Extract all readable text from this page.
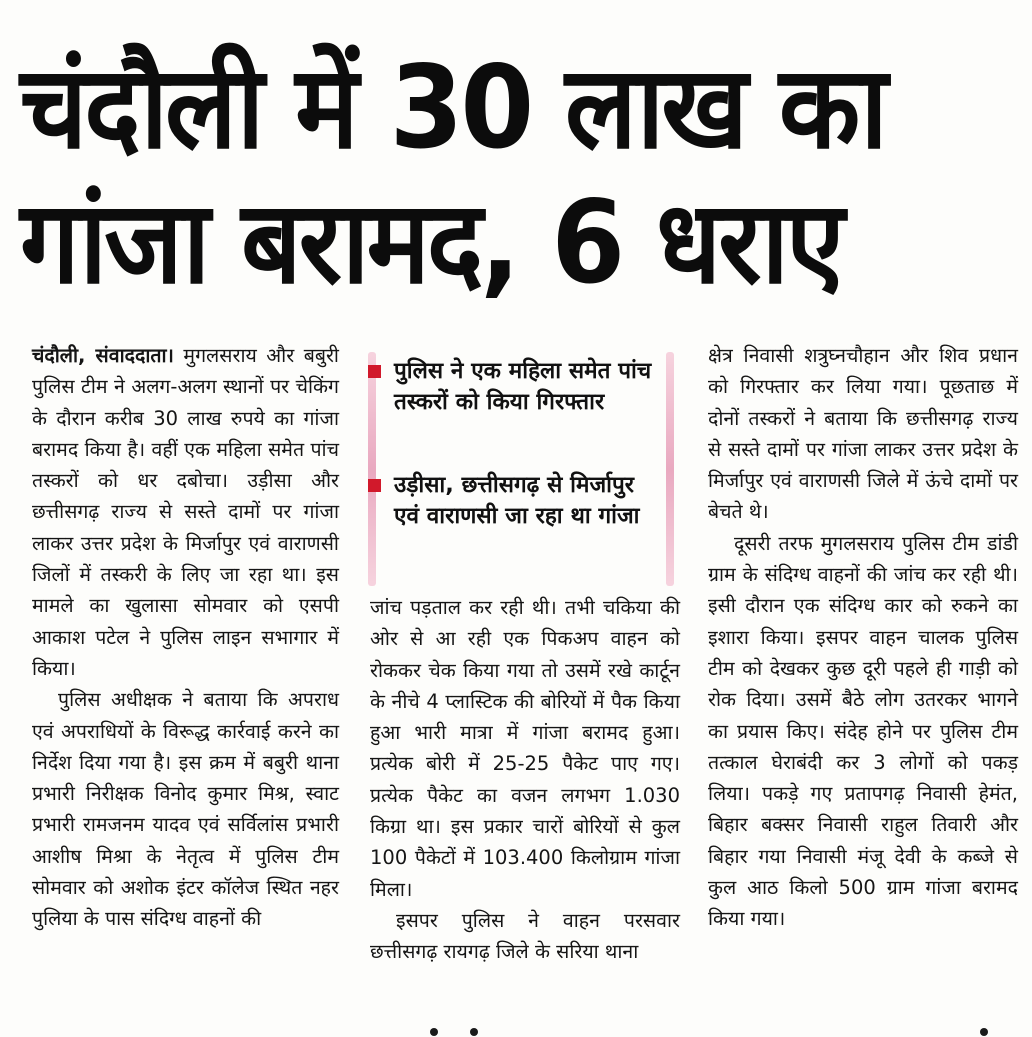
चंदौली में 30 लाख का
गांजा बरामद, 6 धराए

चंदौली, संवाददाता। मुगलसराय और बबुरी पुलिस टीम ने अलग-अलग स्थानों पर चेकिंग के दौरान करीब 30 लाख रुपये का गांजा बरामद किया है। वहीं एक महिला समेत पांच तस्करों को धर दबोचा। उड़ीसा और छत्तीसगढ़ राज्य से सस्ते दामों पर गांजा लाकर उत्तर प्रदेश के मिर्जापुर एवं वाराणसी जिलों में तस्करी के लिए जा रहा था। इस मामले का खुलासा सोमवार को एसपी आकाश पटेल ने पुलिस लाइन सभागार में किया।

पुलिस अधीक्षक ने बताया कि अपराध एवं अपराधियों के विरूद्ध कार्रवाई करने का निर्देश दिया गया है। इस क्रम में बबुरी थाना प्रभारी निरीक्षक विनोद कुमार मिश्र, स्वाट प्रभारी रामजनम यादव एवं सर्विलांस प्रभारी आशीष मिश्रा के नेतृत्व में पुलिस टीम सोमवार को अशोक इंटर कॉलेज स्थित नहर पुलिया के पास संदिग्ध वाहनों की

पुलिस ने एक महिला समेत पांच तस्करों को किया गिरफ्तार
उड़ीसा, छत्तीसगढ़ से मिर्जापुर एवं वाराणसी जा रहा था गांजा

जांच पड़ताल कर रही थी। तभी चकिया की ओर से आ रही एक पिकअप वाहन को रोककर चेक किया गया तो उसमें रखे कार्टून के नीचे 4 प्लास्टिक की बोरियों में पैक किया हुआ भारी मात्रा में गांजा बरामद हुआ। प्रत्येक बोरी में 25-25 पैकेट पाए गए। प्रत्येक पैकेट का वजन लगभग 1.030 किग्रा था। इस प्रकार चारों बोरियों से कुल 100 पैकेटों में 103.400 किलोग्राम गांजा मिला।

इसपर पुलिस ने वाहन परसवार छत्तीसगढ़ रायगढ़ जिले के सरिया थाना

क्षेत्र निवासी शत्रुघ्नचौहान और शिव प्रधान को गिरफ्तार कर लिया गया। पूछताछ में दोनों तस्करों ने बताया कि छत्तीसगढ़ राज्य से सस्ते दामों पर गांजा लाकर उत्तर प्रदेश के मिर्जापुर एवं वाराणसी जिले में ऊंचे दामों पर बेचते थे।

दूसरी तरफ मुगलसराय पुलिस टीम डांडी ग्राम के संदिग्ध वाहनों की जांच कर रही थी। इसी दौरान एक संदिग्ध कार को रुकने का इशारा किया। इसपर वाहन चालक पुलिस टीम को देखकर कुछ दूरी पहले ही गाड़ी को रोक दिया। उसमें बैठे लोग उतरकर भागने का प्रयास किए। संदेह होने पर पुलिस टीम तत्काल घेराबंदी कर 3 लोगों को पकड़ लिया। पकड़े गए प्रतापगढ़ निवासी हेमंत, बिहार बक्सर निवासी राहुल तिवारी और बिहार गया निवासी मंजू देवी के कब्जे से कुल आठ किलो 500 ग्राम गांजा बरामद किया गया।
